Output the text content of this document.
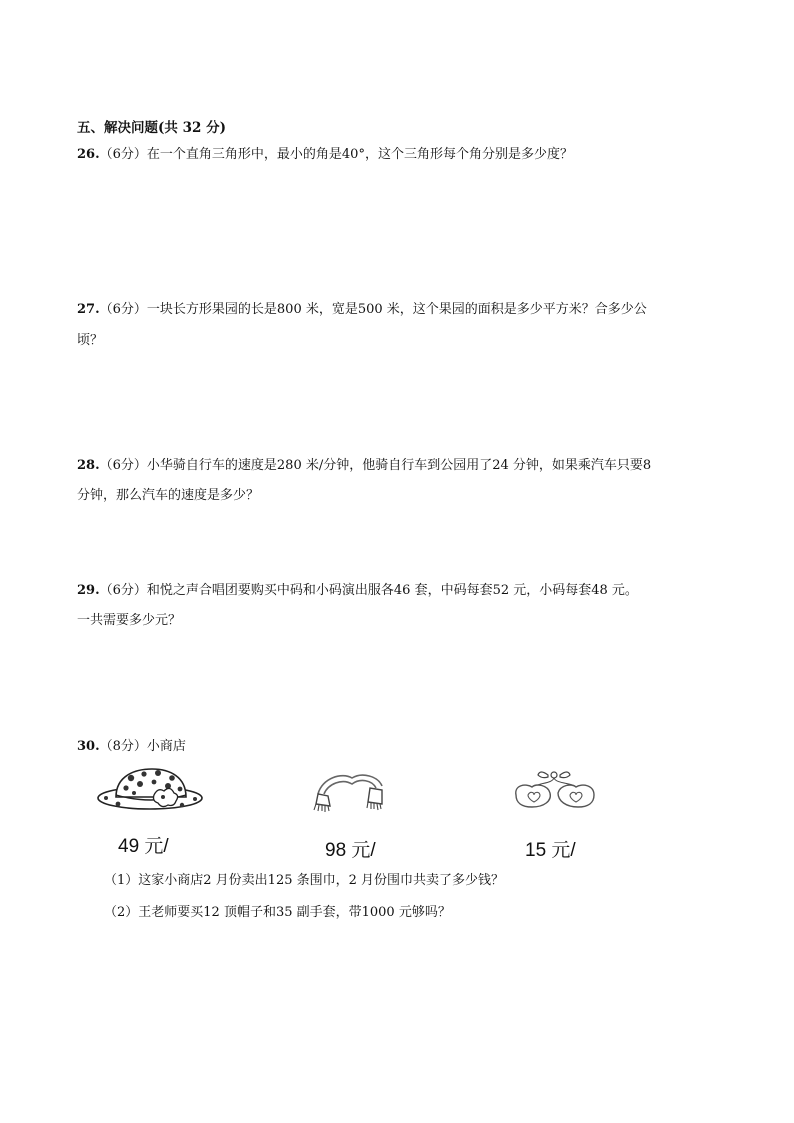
五、解决问题(共 32 分)
26.（6分）在一个直角三角形中，最小的角是40°，这个三角形每个角分别是多少度？
27.（6分）一块长方形果园的长是800 米，宽是500 米，这个果园的面积是多少平方米？合多少公
顷？
28.（6分）小华骑自行车的速度是280 米/分钟，他骑自行车到公园用了24 分钟，如果乘汽车只要8
分钟，那么汽车的速度是多少？
29.（6分）和悦之声合唱团要购买中码和小码演出服各46 套，中码每套52 元，小码每套48 元。
一共需要多少元？
30.（8分）小商店
49 元/	98 元/	15 元/
（1）这家小商店2 月份卖出125 条围巾，2 月份围巾共卖了多少钱？
（2）王老师要买12 顶帽子和35 副手套，带1000 元够吗？
